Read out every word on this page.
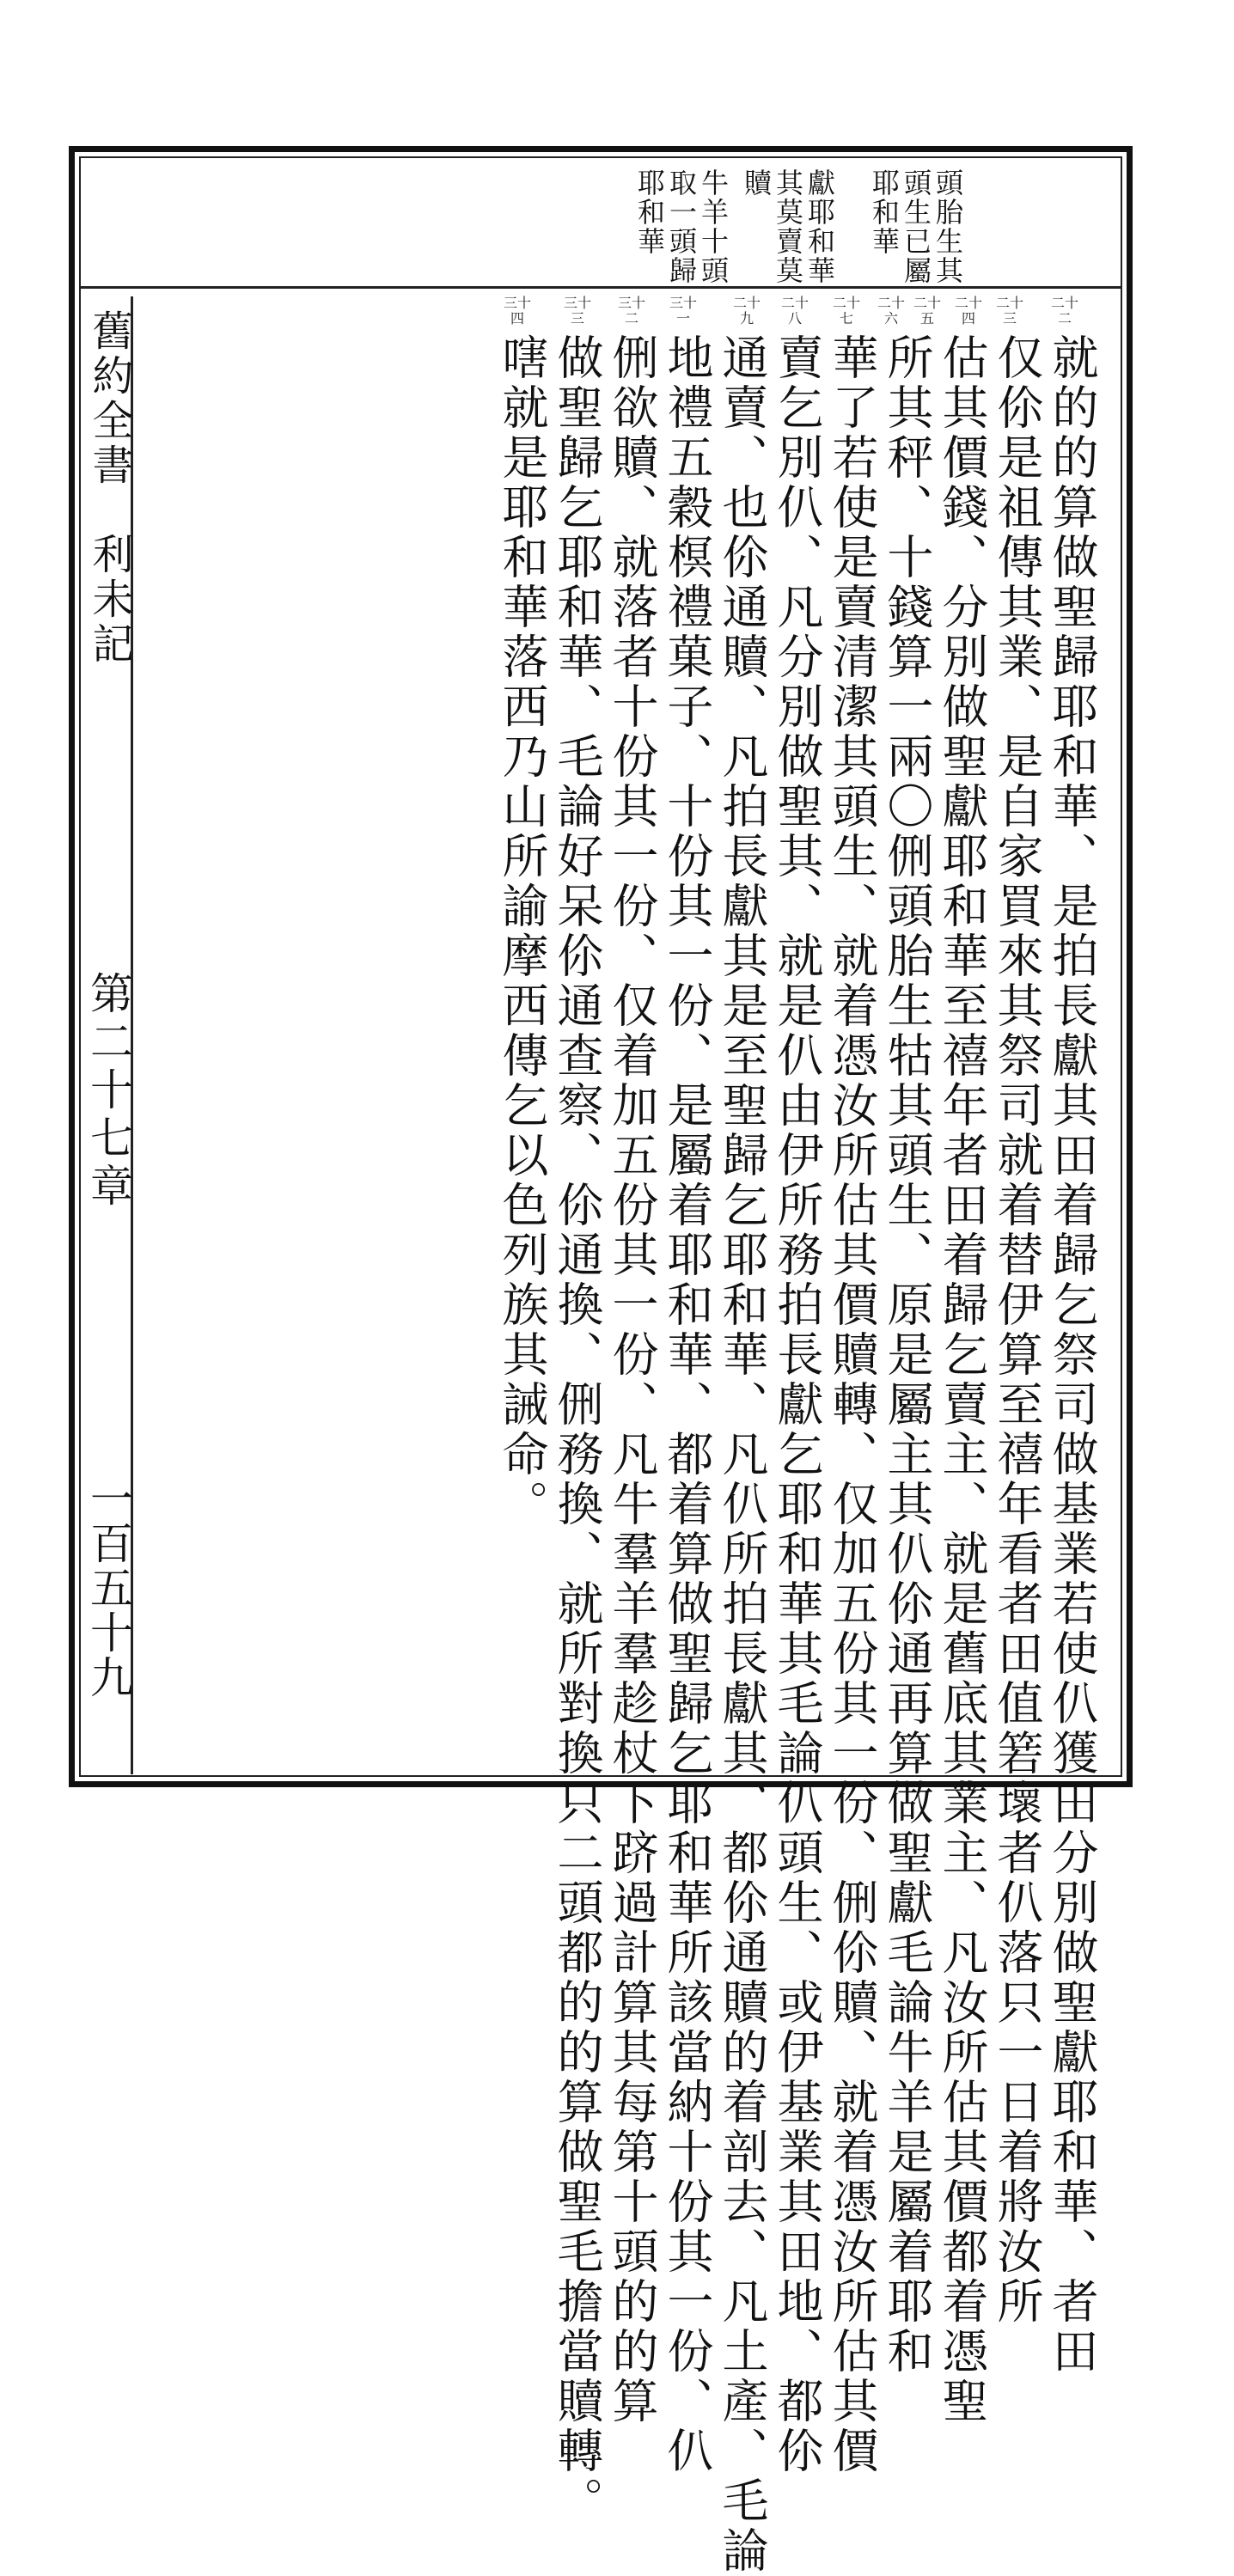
舊約全書　利未記
第二十七章
一百五十九
頭胎生其
頭生已屬
耶和華
獻耶和華
其莫賣莫
贖
牛羊十頭
取一頭歸
耶和華
二十二
二十三
二十四
二十五
二十六
二十七
二十八
二十九
三十一
三十二
三十三
三十四
就的的算做聖歸耶和華、是拍長獻其田着歸乞祭司做基業若使仈獲田分別做聖獻耶和華、者田
仅伱是祖傳其業、是自家買來其祭司就着替伊算至禧年看者田值箬壞者仈落只一日着將汝所
估其價錢、分別做聖獻耶和華至禧年者田着歸乞賣主、就是舊底其業主、凡汝所估其價都着憑聖
所其秤、十錢算一兩〇侀頭胎生牯其頭生、原是屬主其仈伱通再算做聖獻毛論牛羊是屬着耶和
華了若使是賣清潔其頭生、就着憑汝所估其價贖轉、仅加五份其一份、侀伱贖、就着憑汝所估其價
賣乞別仈、凡分別做聖其、就是仈由伊所務拍長獻乞耶和華其毛論仈頭生、或伊基業其田地、都伱
通賣、也伱通贖、凡拍長獻其是至聖歸乞耶和華、凡仈所拍長獻其、都伱通贖的着剖去、凡土產、毛論
地禮五穀榠禮菓子、十份其一份、是屬着耶和華、都着算做聖歸乞耶和華所該當納十份其一份、仈
侀欲贖、就落者十份其一份、仅着加五份其一份、凡牛羣羊羣趁杖下跻過計算其每第十頭的的算
做聖歸乞耶和華、毛論好呆伱通查察、伱通換、侀務換、就所對換只二頭都的的算做聖毛擔當贖轉。
嗐就是耶和華落西乃山所諭摩西傳乞以色列族其誡命。
